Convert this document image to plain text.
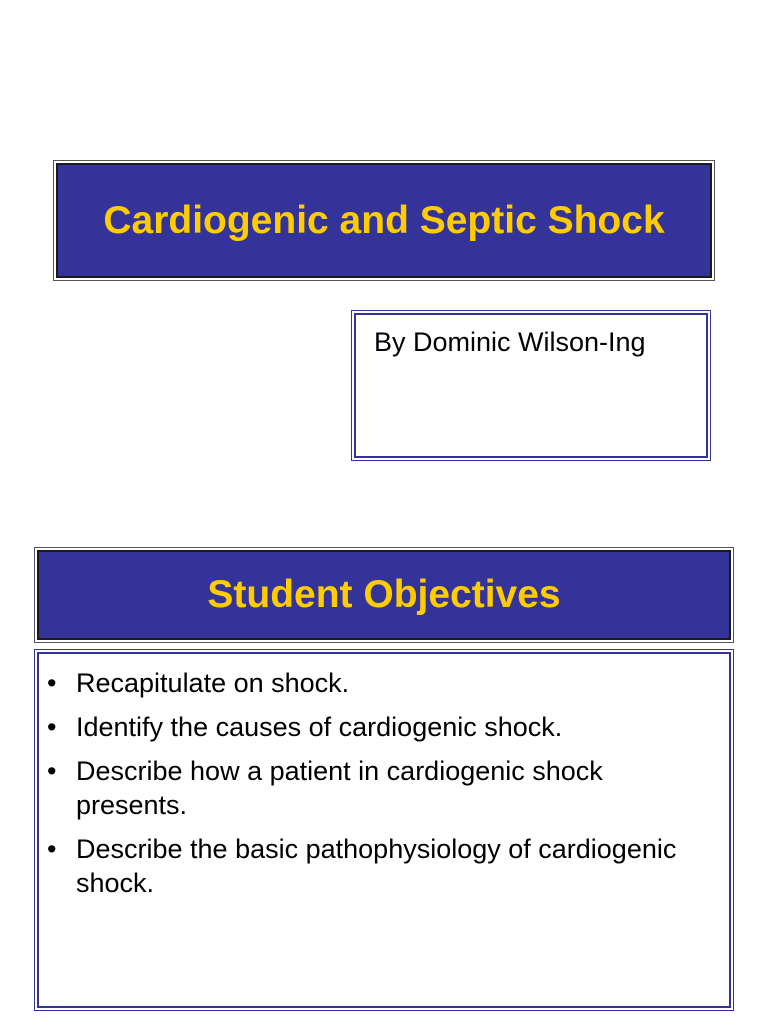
Cardiogenic and Septic Shock
By Dominic Wilson-Ing
Student Objectives
• Recapitulate on shock.
• Identify the causes of cardiogenic shock.
• Describe how a patient in cardiogenic shock presents.
• Describe the basic pathophysiology of cardiogenic shock.
